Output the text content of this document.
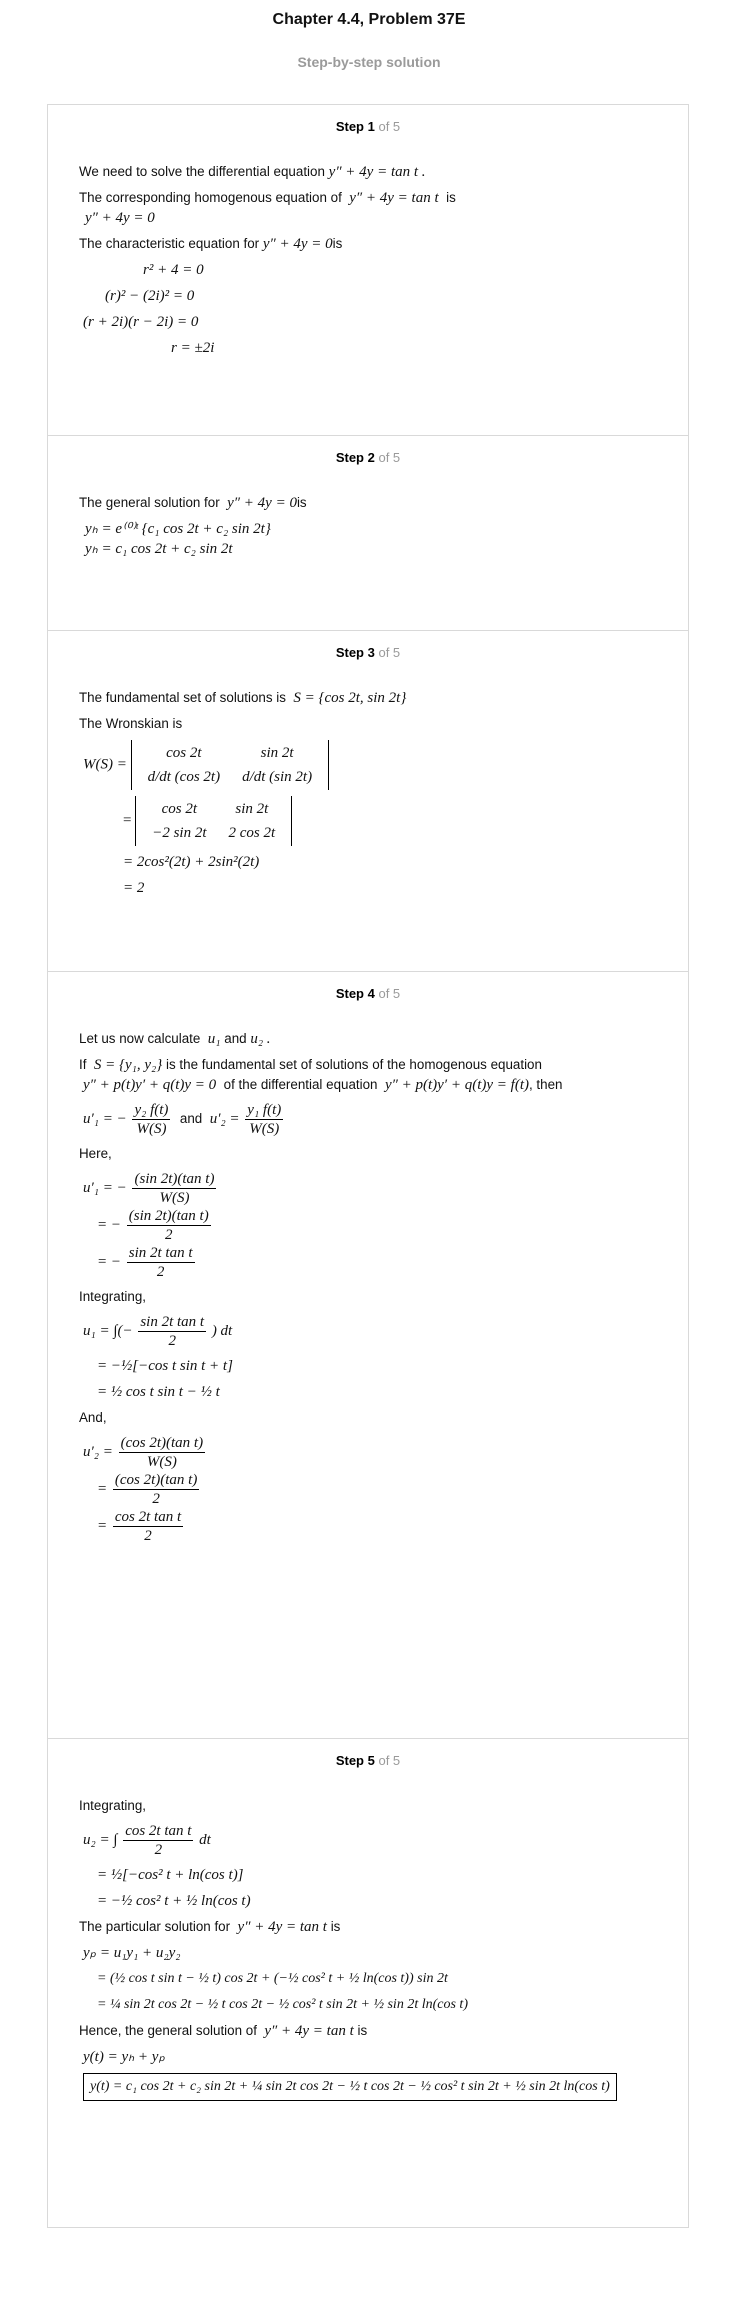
Chapter 4.4, Problem 37E
Step-by-step solution
Step 1 of 5
We need to solve the differential equation y″ + 4y = tan t .
The corresponding homogenous equation of y″ + 4y = tan t is
y″ + 4y = 0
The characteristic equation for y″ + 4y = 0is
r² + 4 = 0
(r)² − (2i)² = 0
(r + 2i)(r − 2i) = 0
r = ±2i
Step 2 of 5
The general solution for y″ + 4y = 0is
yₕ = e⁽⁰⁾ᵗ {c₁ cos 2t + c₂ sin 2t}
yₕ = c₁ cos 2t + c₂ sin 2t
Step 3 of 5
The fundamental set of solutions is S = {cos 2t, sin 2t}
The Wronskian is
W(S) = cos 2t	sin 2t
d/dt (cos 2t)	d/dt (sin 2t)
= cos 2t	sin 2t
−2 sin 2t	2 cos 2t
= 2cos²(2t) + 2sin²(2t)
= 2
Step 4 of 5
Let us now calculate u₁ and u₂ .
If S = {y₁, y₂} is the fundamental set of solutions of the homogenous equation
y″ + p(t)y′ + q(t)y = 0 of the differential equation y″ + p(t)y′ + q(t)y = f(t), then
u′₁ = − $\frac{\text{y₂ f(t)}}{W(S)}$ and $u'_2 = \frac{\text{y₁ f(t)}}{W(S)}$
Here,
u′₁ = − $\frac{\text{(sin 2t)(tan t)}}{W(S)}$
= − $\frac{\text{(sin 2t)(tan t)}}{2}$
= − $\frac{\text{sin 2t tan t}}{2}$
Integrating,
u₁ = ∫(− $\frac{\text{sin 2t tan t}}{2}$ ) dt
= −½[−cos t sin t + t]
= ½ cos t sin t − ½ t
And,
$u'_2 = \frac{\text{(cos 2t)(tan t)}}{W(S)}$
= $\frac{\text{(cos 2t)(tan t)}}{2}$
= $\frac{\text{cos 2t tan t}}{2}$
Step 5 of 5
Integrating,
u₂ = ∫ $\frac{\text{cos 2t tan t}}{2}$ dt
= ½[−cos² t + ln(cos t)]
= −½ cos² t + ½ ln(cos t)
The particular solution for y″ + 4y = tan t is
yₚ = u₁y₁ + u₂y₂
= (½ cos t sin t − ½ t) cos 2t + (−½ cos² t + ½ ln(cos t)) sin 2t
= ¼ sin 2t cos 2t − ½ t cos 2t − ½ cos² t sin 2t + ½ sin 2t ln(cos t)
Hence, the general solution of y″ + 4y = tan t is
y(t) = yₕ + yₚ
y(t) = c₁ cos 2t + c₂ sin 2t + ¼ sin 2t cos 2t − ½ t cos 2t − ½ cos² t sin 2t + ½ sin 2t ln(cos t)
